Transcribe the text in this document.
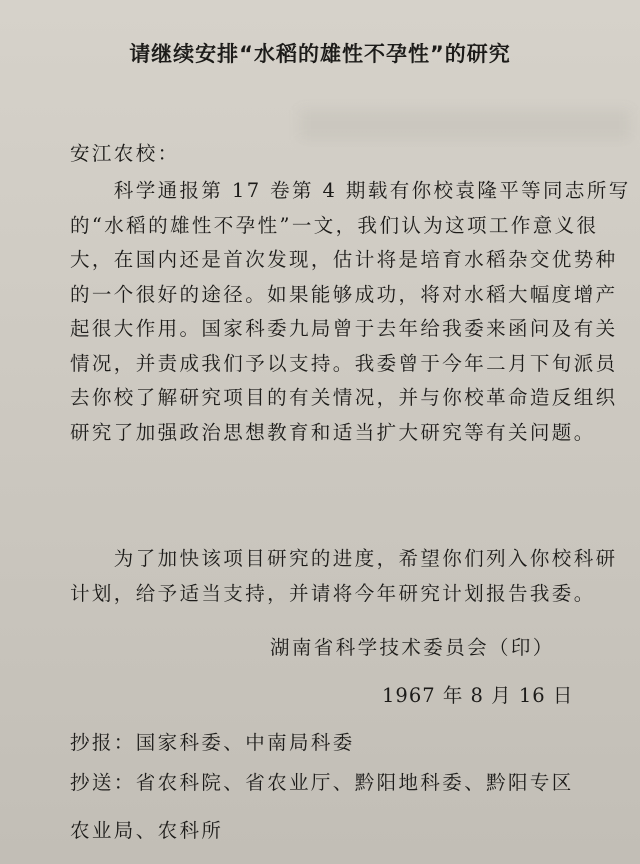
请继续安排“水稻的雄性不孕性”的研究
安江农校：
　　科学通报第 17 卷第 4 期载有你校袁隆平等同志所写
的“水稻的雄性不孕性”一文，我们认为这项工作意义很
大，在国内还是首次发现，估计将是培育水稻杂交优势种
的一个很好的途径。如果能够成功，将对水稻大幅度增产
起很大作用。国家科委九局曾于去年给我委来函问及有关
情况，并责成我们予以支持。我委曾于今年二月下旬派员
去你校了解研究项目的有关情况，并与你校革命造反组织
研究了加强政治思想教育和适当扩大研究等有关问题。
　　为了加快该项目研究的进度，希望你们列入你校科研
计划，给予适当支持，并请将今年研究计划报告我委。
湖南省科学技术委员会（印）
1967 年 8 月 16 日
抄报：国家科委、中南局科委
抄送：省农科院、省农业厅、黔阳地科委、黔阳专区
农业局、农科所
